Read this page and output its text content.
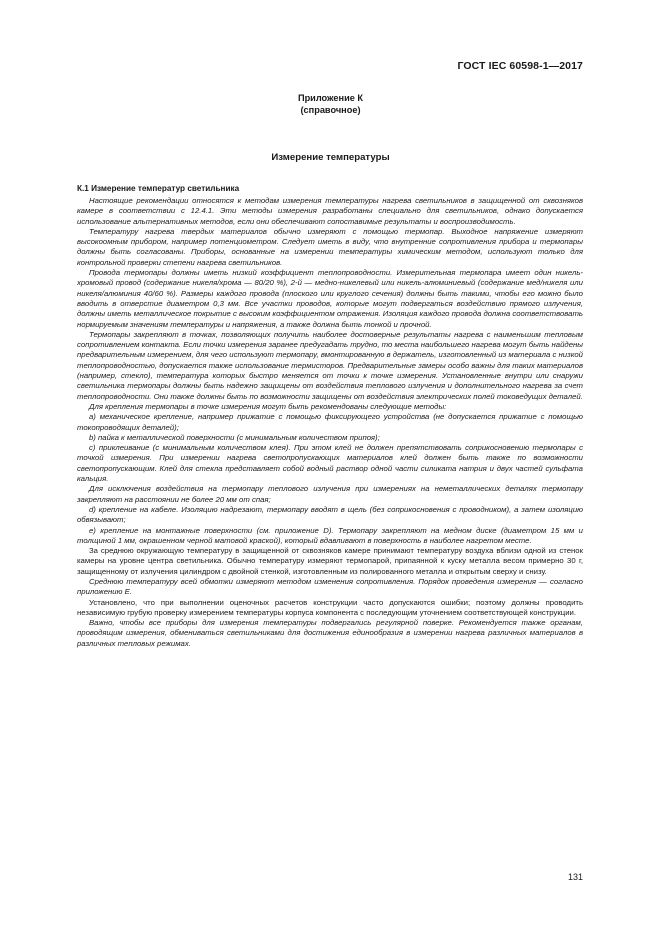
ГОСТ IEC 60598-1—2017
Приложение К
(справочное)
Измерение температуры
К.1 Измерение температур светильника

Настоящие рекомендации относятся к методам измерения температуры нагрева светильников в защищенной от сквозняков камере в соответствии с 12.4.1. Эти методы измерения разработаны специально для светильников, однако допускается использование альтернативных методов, если они обеспечивают сопоставимые результаты и воспроизводимость.

Температуру нагрева твердых материалов обычно измеряют с помощью термопар. Выходное напряжение измеряют высокоомным прибором, например потенциометром. Следует иметь в виду, что внутренние сопротивления прибора и термопары должны быть согласованы. Приборы, основанные на измерении температуры химическим методом, используют только для контрольной проверки степени нагрева светильников.

Провода термопары должны иметь низкий коэффициент теплопроводности. Измерительная термопара имеет один никель-хромовый провод (содержание никеля/хрома — 80/20 %), 2-й — медно-никелевый или никель-алюминиевый (содержание мед/никеля или никеля/алюминия 40/60 %). Размеры каждого провода (плоского или круглого сечения) должны быть такими, чтобы его можно было вводить в отверстие диаметром 0,3 мм. Все участки проводов, которые могут подвергаться воздействию прямого излучения, должны иметь металлическое покрытие с высоким коэффициентом отражения. Изоляция каждого провода должна соответствовать нормируемым значениям температуры и напряжения, а также должна быть тонкой и прочной.

Термопары закрепляют в точках, позволяющих получить наиболее достоверные результаты нагрева с наименьшим тепловым сопротивлением контакта. Если точки измерения заранее предугадать трудно, то места наибольшего нагрева могут быть найдены предварительным измерением, для чего используют термопару, вмонтированную в держатель, изготовленный из материала с низкой теплопроводностью, допускается также использование термисторов. Предварительные замеры особо важны для таких материалов (например, стекло), температура которых быстро меняется от точки к точке измерения. Установленные внутри или снаружи светильника термопары должны быть надежно защищены от воздействия теплового излучения и дополнительного нагрева за счет теплопроводности. Они также должны быть по возможности защищены от воздействия электрических полей токоведущих деталей.

Для крепления термопары в точке измерения могут быть рекомендованы следующие методы:

а) механическое крепление, например прижатие с помощью фиксирующего устройства (не допускается прижатие с помощью токопроводящих деталей);

b) пайка к металлической поверхности (с минимальным количеством припоя);

с) приклеивание (с минимальным количеством клея). При этом клей не должен препятствовать соприкосновению термопары с точкой измерения. При измерении нагрева светопропускающих материалов клей должен быть также по возможности светопропускающим. Клей для стекла представляет собой водный раствор одной части силиката натрия и двух частей сульфата кальция.

Для исключения воздействия на термопару теплового излучения при измерениях на неметаллических деталях термопару закрепляют на расстоянии не более 20 мм от спая;

d) крепление на кабеле. Изоляцию надрезают, термопару вводят в щель (без соприкосновения с проводником), а затем изоляцию обвязывают;

е) крепление на монтажные поверхности (см. приложение D). Термопару закрепляют на медном диске (диаметром 15 мм и толщиной 1 мм, окрашенном черной матовой краской), который вдавливают в поверхность в наиболее нагретом месте.

За среднюю окружающую температуру в защищенной от сквозняков камере принимают температуру воздуха вблизи одной из стенок камеры на уровне центра светильника. Обычно температуру измеряют термопарой, припаянной к куску металла весом примерно 30 г, защищенному от излучения цилиндром с двойной стенкой, изготовленным из полированного металла и открытым сверху и снизу.

Среднюю температуру всей обмотки измеряют методом изменения сопротивления. Порядок проведения измерения — согласно приложению Е.

Установлено, что при выполнении оценочных расчетов конструкции часто допускаются ошибки; поэтому должны проводить независимую грубую проверку измерением температуры корпуса компонента с последующим уточнением соответствующей конструкции.

Важно, чтобы все приборы для измерения температуры подвергались регулярной поверке. Рекомендуется также органам, проводящим измерения, обмениваться светильниками для достижения единообразия в измерении нагрева различных материалов в различных тепловых режимах.

131
